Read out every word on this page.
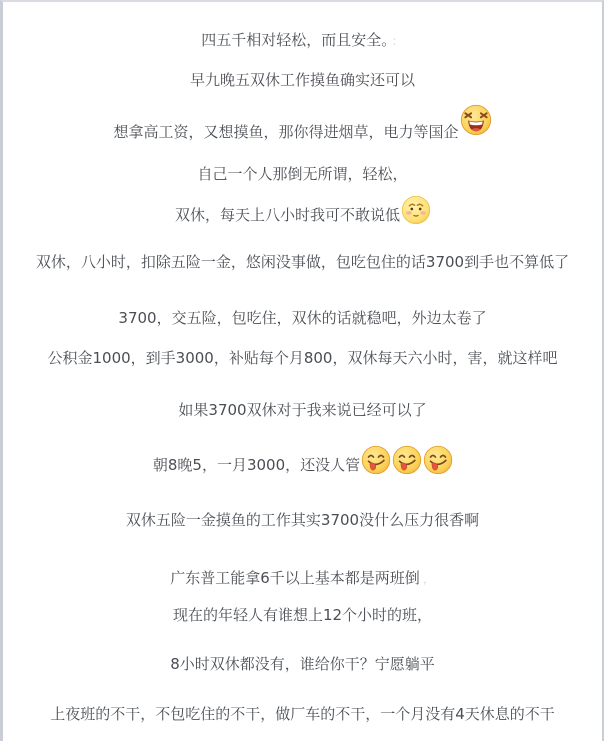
四五千相对轻松，而且安全。 ：
早九晚五双休工作摸鱼确实还可以
想拿高工资，又想摸鱼，那你得进烟草，电力等国企
自己一个人那倒无所谓，轻松，
双休，每天上八小时我可不敢说低
双休，八小时，扣除五险一金，悠闲没事做，包吃包住的话3700到手也不算低了
3700，交五险，包吃住，双休的话就稳吧，外边太卷了
公积金1000，到手3000，补贴每个月800，双休每天六小时，害，就这样吧
如果3700双休对于我来说已经可以了
朝8晚5，一月3000，还没人管
双休五险一金摸鱼的工作其实3700没什么压力很香啊
广东普工能拿6千以上基本都是两班倒 ，
现在的年轻人有谁想上12个小时的班，
8小时双休都没有，谁给你干？宁愿躺平
上夜班的不干，不包吃住的不干，做厂车的不干，一个月没有4天休息的不干
